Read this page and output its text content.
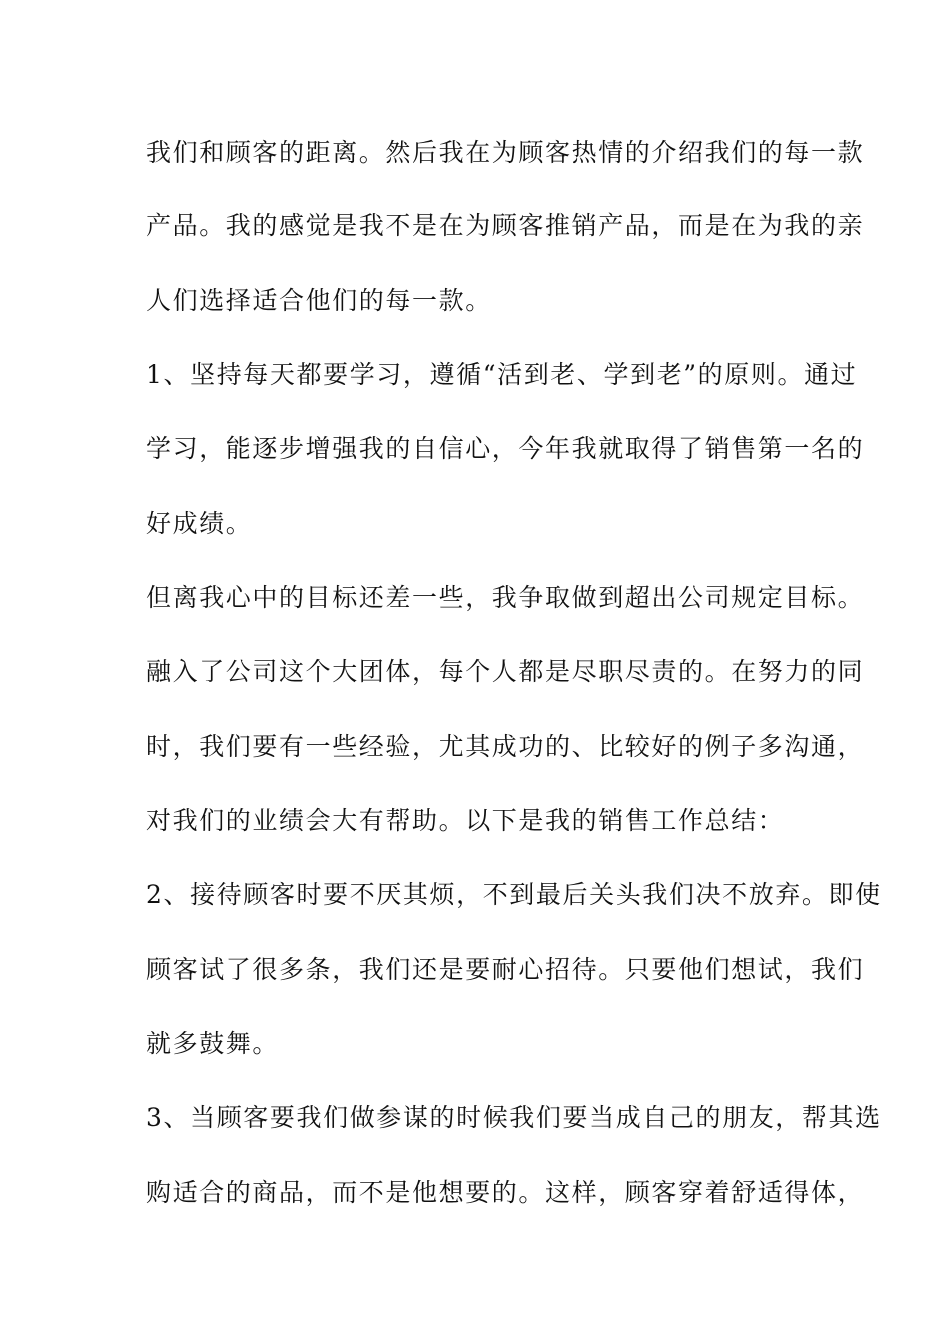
我们和顾客的距离。然后我在为顾客热情的介绍我们的每一款
产品。我的感觉是我不是在为顾客推销产品，而是在为我的亲
人们选择适合他们的每一款。
1、坚持每天都要学习，遵循“活到老、学到老”的原则。通过
学习，能逐步增强我的自信心，今年我就取得了销售第一名的
好成绩。
但离我心中的目标还差一些，我争取做到超出公司规定目标。
融入了公司这个大团体，每个人都是尽职尽责的。在努力的同
时，我们要有一些经验，尤其成功的、比较好的例子多沟通，
对我们的业绩会大有帮助。以下是我的销售工作总结：
2、接待顾客时要不厌其烦，不到最后关头我们决不放弃。即使
顾客试了很多条，我们还是要耐心招待。只要他们想试，我们
就多鼓舞。
3、当顾客要我们做参谋的时候我们要当成自己的朋友，帮其选
购适合的商品，而不是他想要的。这样，顾客穿着舒适得体，
